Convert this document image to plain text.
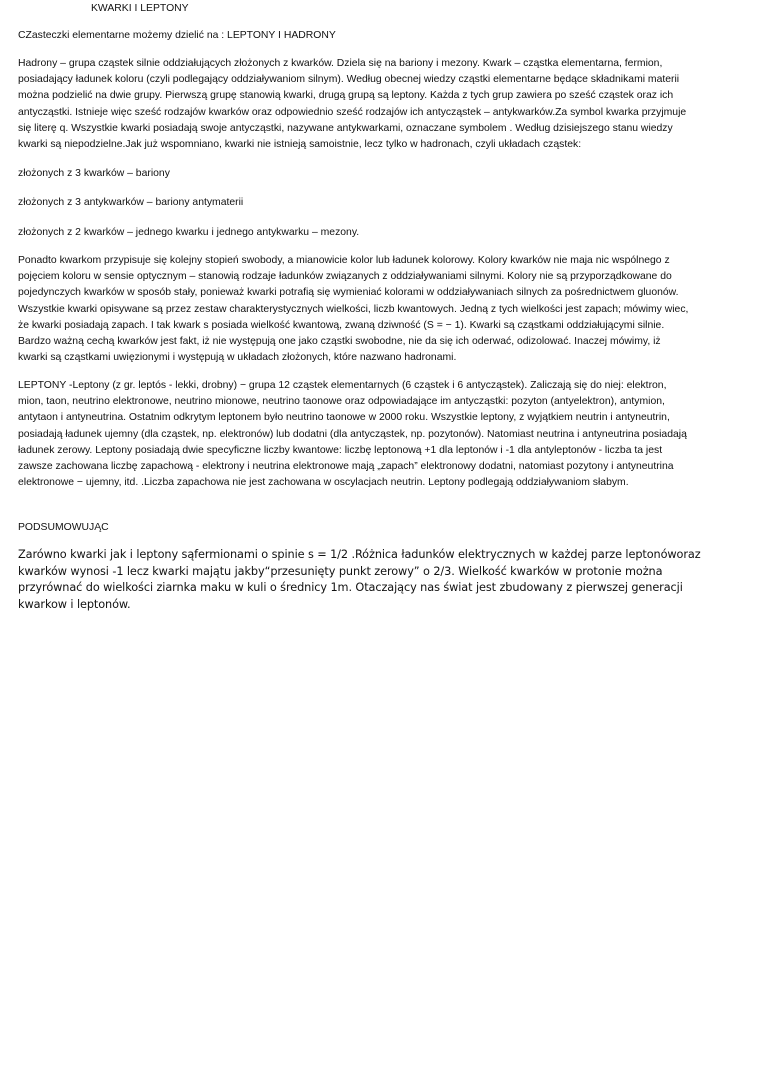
KWARKI I LEPTONY

CZasteczki elementarne możemy dzielić na : LEPTONY I HADRONY

Hadrony – grupa cząstek silnie oddziałujących złożonych z kwarków. Dziela się na bariony i mezony. Kwark – cząstka elementarna, fermion, posiadający ładunek koloru (czyli podlegający oddziaływaniom silnym). Według obecnej wiedzy cząstki elementarne będące składnikami materii można podzielić na dwie grupy. Pierwszą grupę stanowią kwarki, drugą grupą są leptony. Każda z tych grup zawiera po sześć cząstek oraz ich antycząstki. Istnieje więc sześć rodzajów kwarków oraz odpowiednio sześć rodzajów ich antycząstek – antykwarków.Za symbol kwarka przyjmuje się literę q. Wszystkie kwarki posiadają swoje antycząstki, nazywane antykwarkami, oznaczane symbolem . Według dzisiejszego stanu wiedzy kwarki są niepodzielne.Jak już wspomniano, kwarki nie istnieją samoistnie, lecz tylko w hadronach, czyli układach cząstek:

złożonych z 3 kwarków – bariony

złożonych z 3 antykwarków – bariony antymaterii

złożonych z 2 kwarków – jednego kwarku i jednego antykwarku – mezony.

Ponadto kwarkom przypisuje się kolejny stopień swobody, a mianowicie kolor lub ładunek kolorowy. Kolory kwarków nie maja nic wspólnego z pojęciem koloru w sensie optycznym – stanowią rodzaje ładunków związanych z oddziaływaniami silnymi. Kolory nie są przyporządkowane do pojedynczych kwarków w sposób stały, ponieważ kwarki potrafią się wymieniać kolorami w oddziaływaniach silnych za pośrednictwem gluonów. Wszystkie kwarki opisywane są przez zestaw charakterystycznych wielkości, liczb kwantowych. Jedną z tych wielkości jest zapach; mówimy wiec, że kwarki posiadają zapach. I tak kwark s posiada wielkość kwantową, zwaną dziwność (S = − 1). Kwarki są cząstkami oddziałującymi silnie. Bardzo ważną cechą kwarków jest fakt, iż nie występują one jako cząstki swobodne, nie da się ich oderwać, odizolować. Inaczej mówimy, iż kwarki są cząstkami uwięzionymi i występują w układach złożonych, które nazwano hadronami.

LEPTONY -Leptony (z gr. leptós - lekki, drobny) − grupa 12 cząstek elementarnych (6 cząstek i 6 antycząstek). Zaliczają się do niej: elektron, mion, taon, neutrino elektronowe, neutrino mionowe, neutrino taonowe oraz odpowiadające im antycząstki: pozyton (antyelektron), antymion, antytaon i antyneutrina. Ostatnim odkrytym leptonem było neutrino taonowe w 2000 roku. Wszystkie leptony, z wyjątkiem neutrin i antyneutrin, posiadają ładunek ujemny (dla cząstek, np. elektronów) lub dodatni (dla antycząstek, np. pozytonów). Natomiast neutrina i antyneutrina posiadają ładunek zerowy. Leptony posiadają dwie specyficzne liczby kwantowe: liczbę leptonową +1 dla leptonów i -1 dla antyleptonów - liczba ta jest zawsze zachowana liczbę zapachową - elektrony i neutrina elektronowe mają „zapach” elektronowy dodatni, natomiast pozytony i antyneutrina elektronowe − ujemny, itd. .Liczba zapachowa nie jest zachowana w oscylacjach neutrin. Leptony podlegają oddziaływaniom słabym.

PODSUMOWUJĄC

Zarówno kwarki jak i leptony sąfermionami o spinie s = 1/2 .Różnica ładunków elektrycznych w każdej parze leptonóworaz kwarków wynosi -1 lecz kwarki majątu jakby“przesunięty punkt zerowy” o 2/3. Wielkość kwarków w protonie można przyrównać do wielkości ziarnka maku w kuli o średnicy 1m. Otaczający nas świat jest zbudowany z pierwszej generacji kwarkow i leptonów.
